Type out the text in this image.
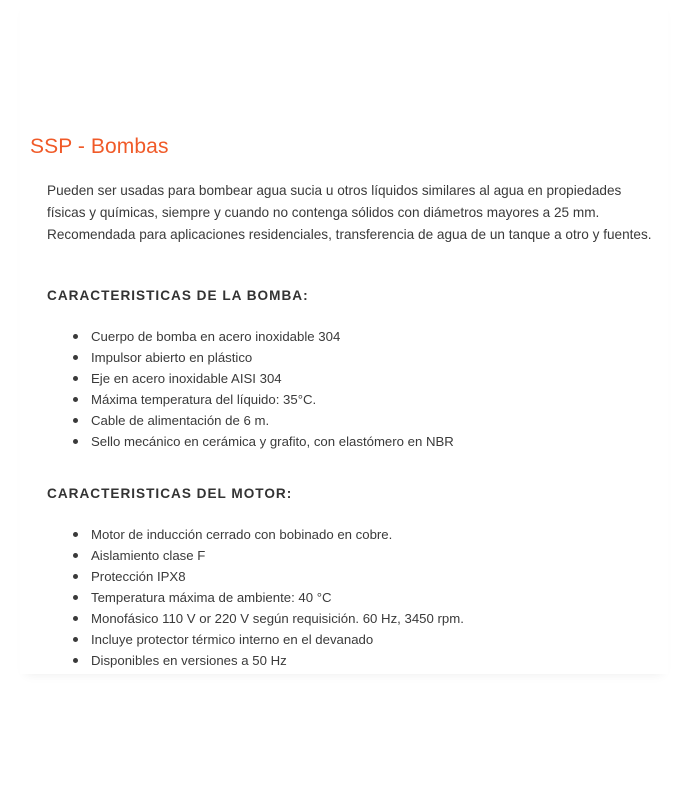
SSP - Bombas

Pueden ser usadas para bombear agua sucia u otros líquidos similares al agua en propiedades físicas y químicas, siempre y cuando no contenga sólidos con diámetros mayores a 25 mm. Recomendada para aplicaciones residenciales, transferencia de agua de un tanque a otro y fuentes.

CARACTERISTICAS DE LA BOMBA:
Cuerpo de bomba en acero inoxidable 304
Impulsor abierto en plástico
Eje en acero inoxidable AISI 304
Máxima temperatura del líquido: 35°C.
Cable de alimentación de 6 m.
Sello mecánico en cerámica y grafito, con elastómero en NBR
CARACTERISTICAS DEL MOTOR:
Motor de inducción cerrado con bobinado en cobre.
Aislamiento clase F
Protección IPX8
Temperatura máxima de ambiente: 40 °C
Monofásico 110 V or 220 V según requisición. 60 Hz, 3450 rpm.
Incluye protector térmico interno en el devanado
Disponibles en versiones a 50 Hz
